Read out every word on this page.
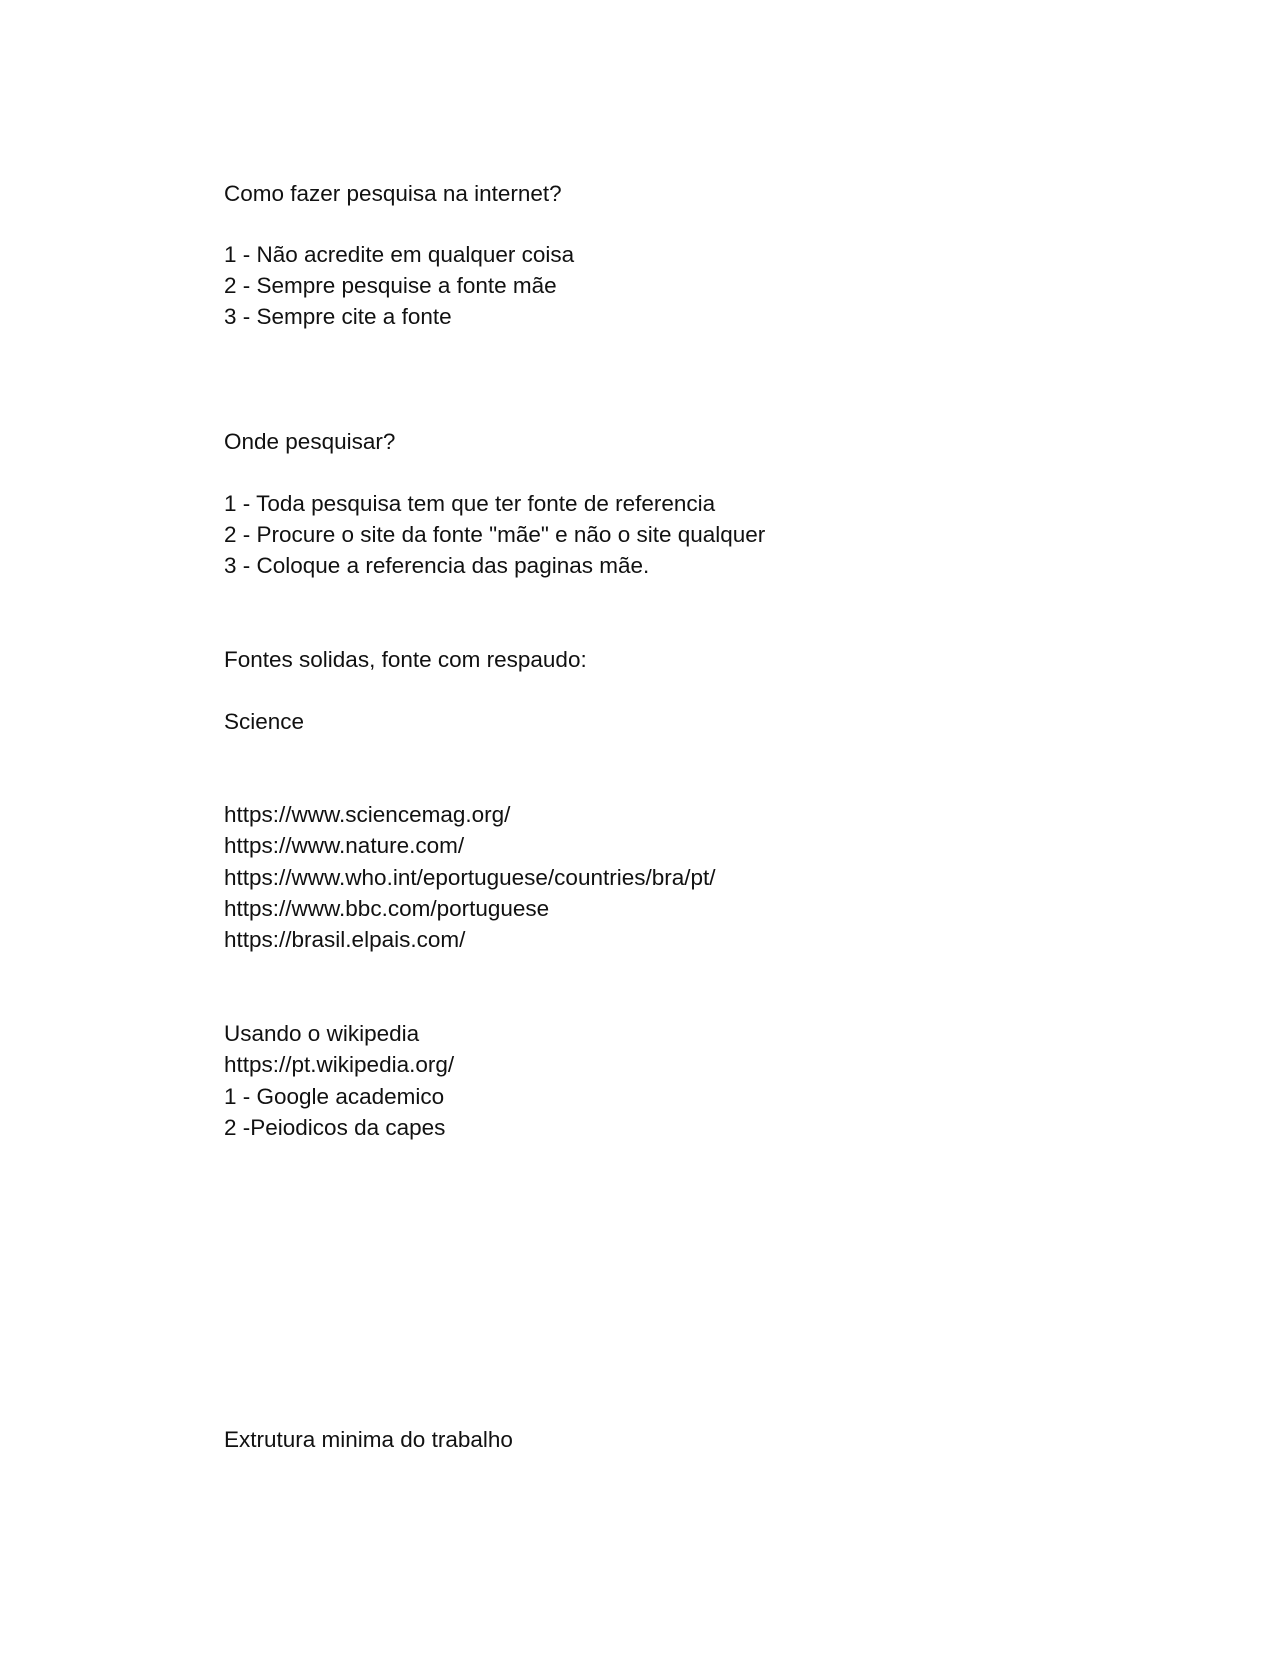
Como fazer pesquisa na internet?

1 - Não acredite em qualquer coisa

2 - Sempre pesquise a fonte mãe

3 - Sempre cite a fonte

Onde pesquisar?

1 - Toda pesquisa tem que ter fonte de referencia

2 - Procure o site da fonte "mãe" e não o site qualquer

3 - Coloque a referencia das paginas mãe.

Fontes solidas, fonte com respaudo:

Science

https://www.sciencemag.org/

https://www.nature.com/

https://www.who.int/eportuguese/countries/bra/pt/

https://www.bbc.com/portuguese

https://brasil.elpais.com/

Usando o wikipedia

https://pt.wikipedia.org/

1 - Google academico

2 -Peiodicos da capes

Extrutura minima do trabalho
